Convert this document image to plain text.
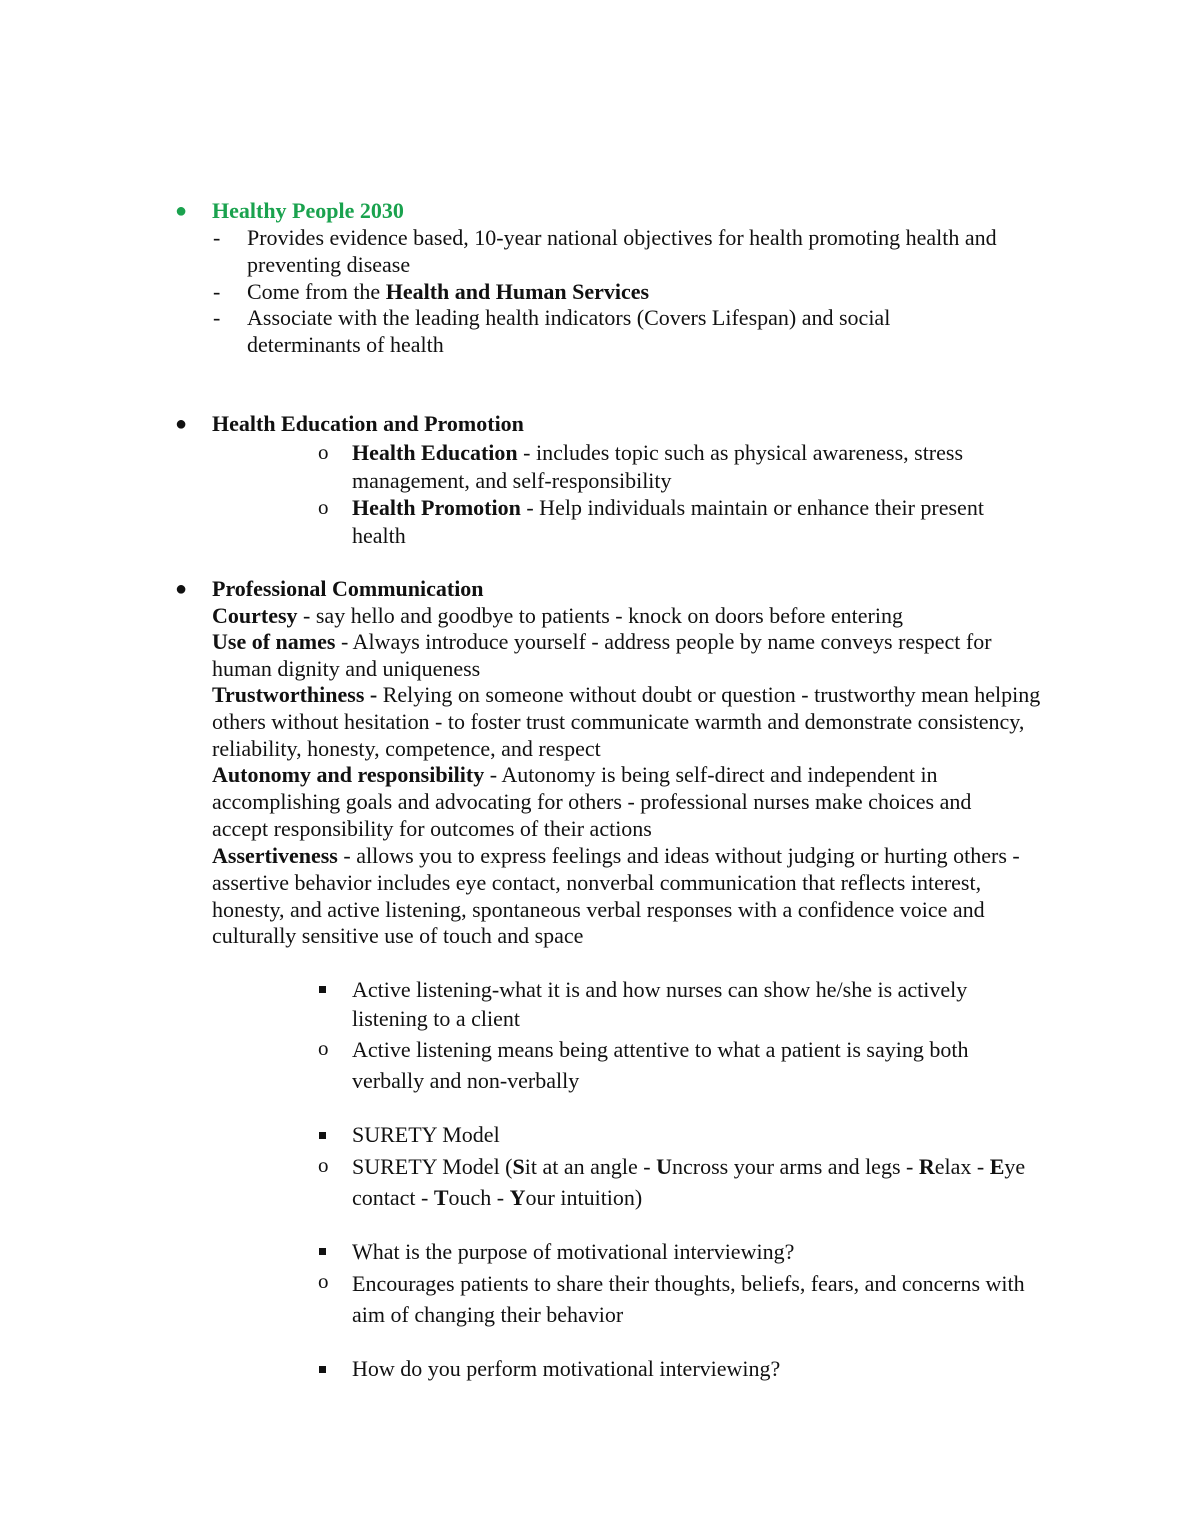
● Healthy People 2030
- Provides evidence based, 10-year national objectives for health promoting health and preventing disease
- Come from the Health and Human Services
- Associate with the leading health indicators (Covers Lifespan) and social determinants of health
● Health Education and Promotion
o Health Education - includes topic such as physical awareness, stress management, and self-responsibility
o Health Promotion - Help individuals maintain or enhance their present health
● Professional Communication
Courtesy - say hello and goodbye to patients - knock on doors before entering
Use of names - Always introduce yourself - address people by name conveys respect for human dignity and uniqueness
Trustworthiness - Relying on someone without doubt or question - trustworthy mean helping others without hesitation - to foster trust communicate warmth and demonstrate consistency, reliability, honesty, competence, and respect
Autonomy and responsibility - Autonomy is being self-direct and independent in accomplishing goals and advocating for others - professional nurses make choices and accept responsibility for outcomes of their actions
Assertiveness - allows you to express feelings and ideas without judging or hurting others - assertive behavior includes eye contact, nonverbal communication that reflects interest, honesty, and active listening, spontaneous verbal responses with a confidence voice and culturally sensitive use of touch and space
Active listening-what it is and how nurses can show he/she is actively listening to a client
o Active listening means being attentive to what a patient is saying both verbally and non-verbally
SURETY Model
o SURETY Model (Sit at an angle - Uncross your arms and legs - Relax - Eye contact - Touch - Your intuition)
What is the purpose of motivational interviewing?
o Encourages patients to share their thoughts, beliefs, fears, and concerns with aim of changing their behavior
How do you perform motivational interviewing?
